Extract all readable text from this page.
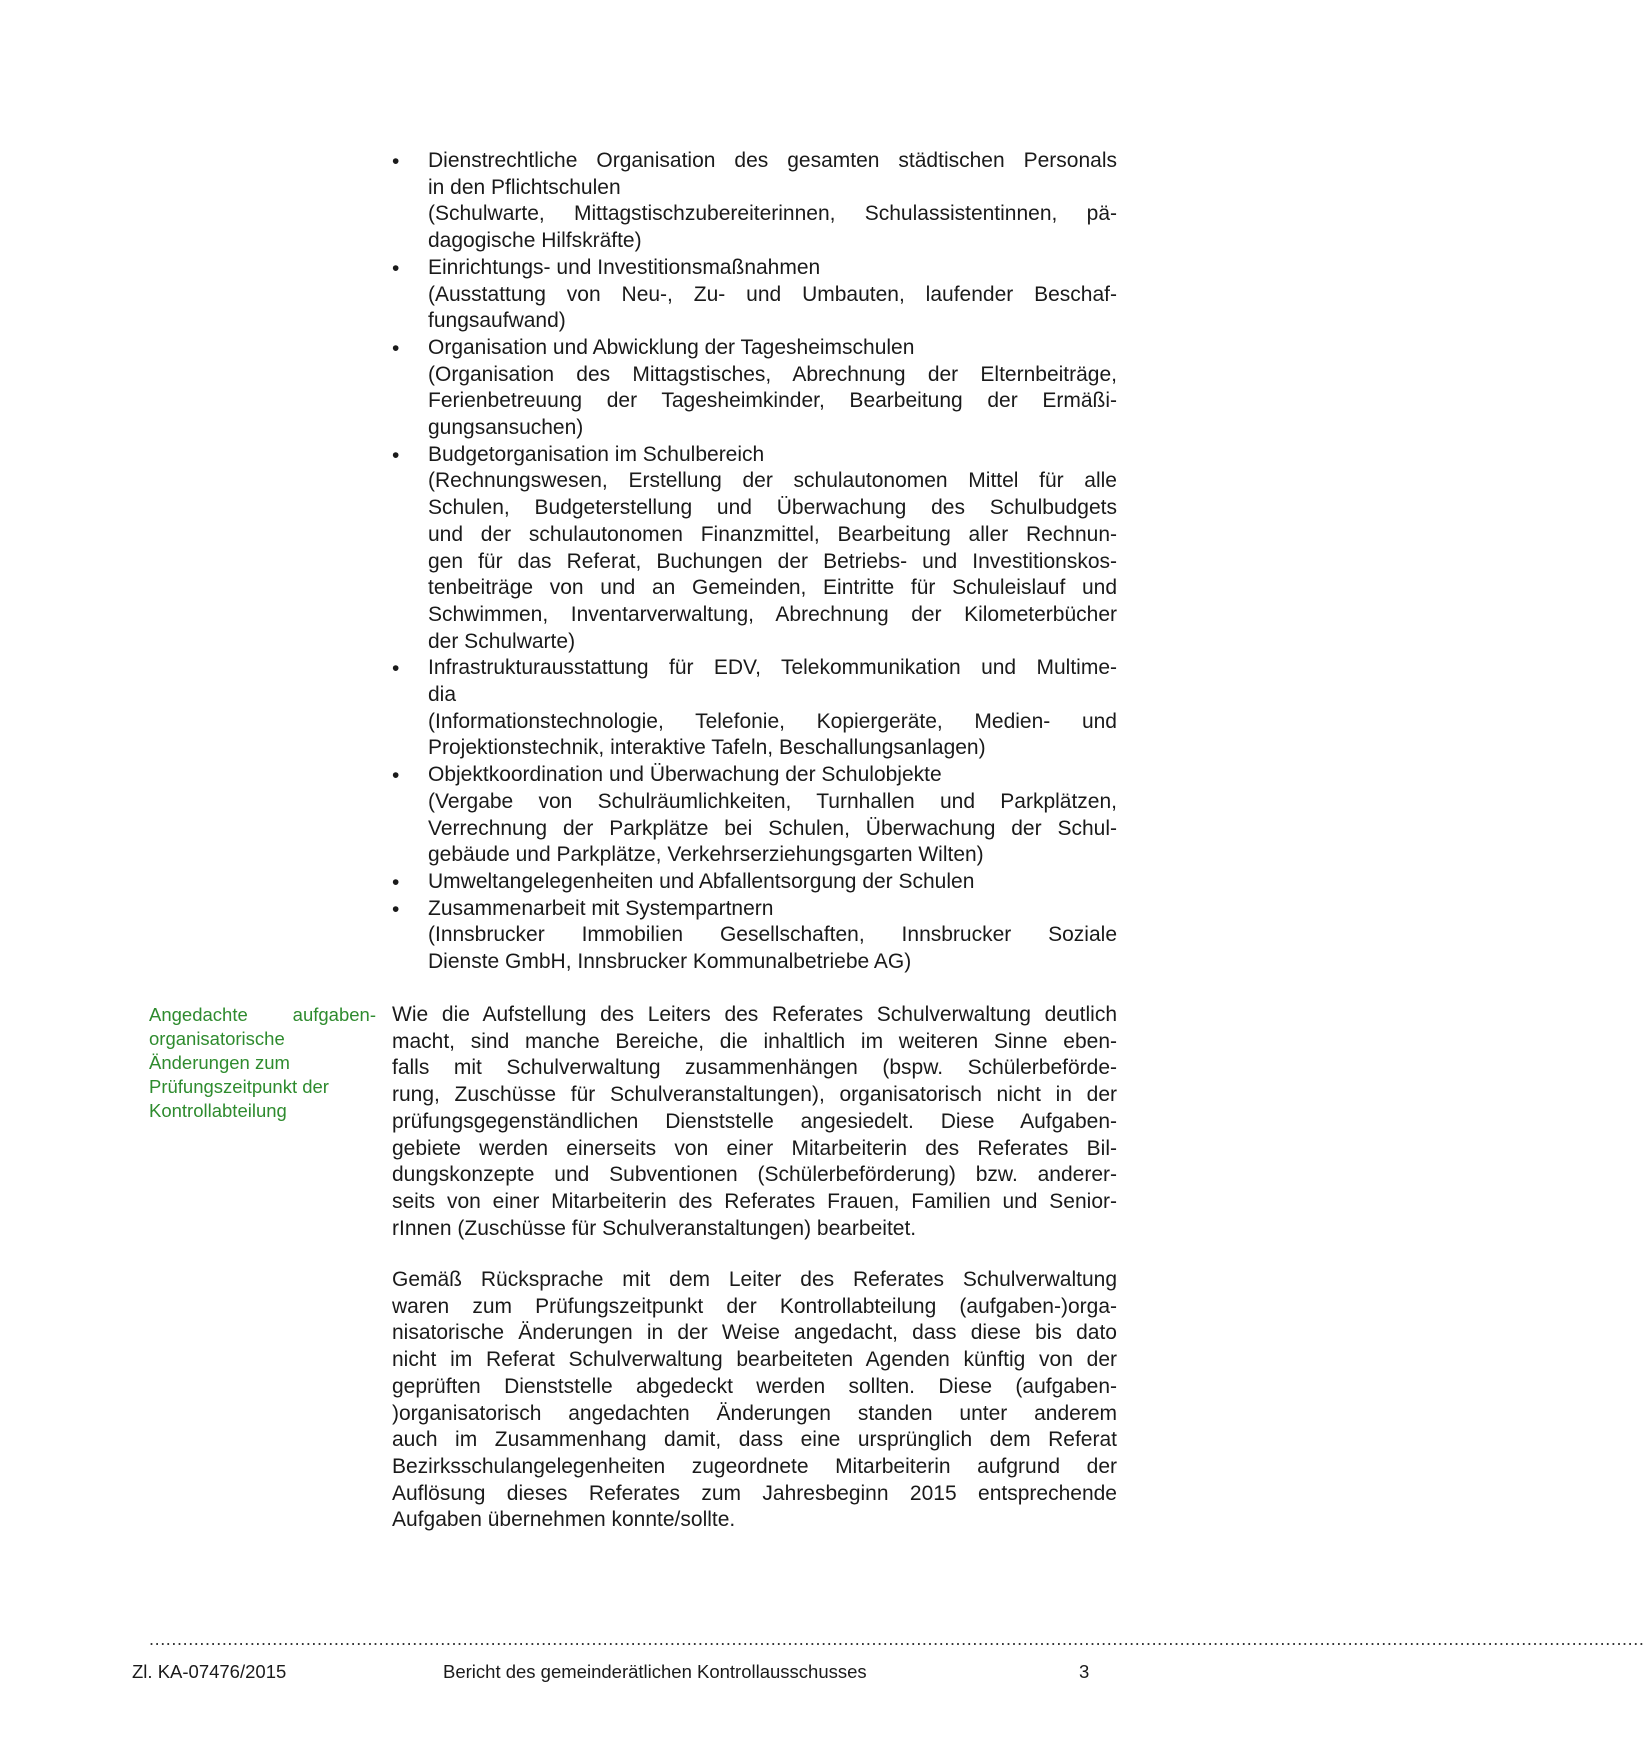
• Dienstrechtliche Organisation des gesamten städtischen Personals
in den Pflichtschulen
(Schulwarte, Mittagstischzubereiterinnen, Schulassistentinnen, pä-
dagogische Hilfskräfte)
• Einrichtungs- und Investitionsmaßnahmen
(Ausstattung von Neu-, Zu- und Umbauten, laufender Beschaf-
fungsaufwand)
• Organisation und Abwicklung der Tagesheimschulen
(Organisation des Mittagstisches, Abrechnung der Elternbeiträge,
Ferienbetreuung der Tagesheimkinder, Bearbeitung der Ermäßi-
gungsansuchen)
• Budgetorganisation im Schulbereich
(Rechnungswesen, Erstellung der schulautonomen Mittel für alle
Schulen, Budgeterstellung und Überwachung des Schulbudgets
und der schulautonomen Finanzmittel, Bearbeitung aller Rechnun-
gen für das Referat, Buchungen der Betriebs- und Investitionskos-
tenbeiträge von und an Gemeinden, Eintritte für Schuleislauf und
Schwimmen, Inventarverwaltung, Abrechnung der Kilometerbücher
der Schulwarte)
• Infrastrukturausstattung für EDV, Telekommunikation und Multime-
dia
(Informationstechnologie, Telefonie, Kopiergeräte, Medien- und
Projektionstechnik, interaktive Tafeln, Beschallungsanlagen)
• Objektkoordination und Überwachung der Schulobjekte
(Vergabe von Schulräumlichkeiten, Turnhallen und Parkplätzen,
Verrechnung der Parkplätze bei Schulen, Überwachung der Schul-
gebäude und Parkplätze, Verkehrserziehungsgarten Wilten)
• Umweltangelegenheiten und Abfallentsorgung der Schulen
• Zusammenarbeit mit Systempartnern
(Innsbrucker Immobilien Gesellschaften, Innsbrucker Soziale
Dienste GmbH, Innsbrucker Kommunalbetriebe AG)
Angedachte aufgaben-
organisatorische
Änderungen zum
Prüfungszeitpunkt der
Kontrollabteilung
Wie die Aufstellung des Leiters des Referates Schulverwaltung deutlich
macht, sind manche Bereiche, die inhaltlich im weiteren Sinne eben-
falls mit Schulverwaltung zusammenhängen (bspw. Schülerbeförde-
rung, Zuschüsse für Schulveranstaltungen), organisatorisch nicht in der
prüfungsgegenständlichen Dienststelle angesiedelt. Diese Aufgaben-
gebiete werden einerseits von einer Mitarbeiterin des Referates Bil-
dungskonzepte und Subventionen (Schülerbeförderung) bzw. anderer-
seits von einer Mitarbeiterin des Referates Frauen, Familien und Senior-
rInnen (Zuschüsse für Schulveranstaltungen) bearbeitet.
Gemäß Rücksprache mit dem Leiter des Referates Schulverwaltung
waren zum Prüfungszeitpunkt der Kontrollabteilung (aufgaben-)orga-
nisatorische Änderungen in der Weise angedacht, dass diese bis dato
nicht im Referat Schulverwaltung bearbeiteten Agenden künftig von der
geprüften Dienststelle abgedeckt werden sollten. Diese (aufgaben-
)organisatorisch angedachten Änderungen standen unter anderem
auch im Zusammenhang damit, dass eine ursprünglich dem Referat
Bezirksschulangelegenheiten zugeordnete Mitarbeiterin aufgrund der
Auflösung dieses Referates zum Jahresbeginn 2015 entsprechende
Aufgaben übernehmen konnte/sollte.
...........................................................................................................................................................................................................................................................................
Zl. KA-07476/2015	Bericht des gemeinderätlichen Kontrollausschusses	3
